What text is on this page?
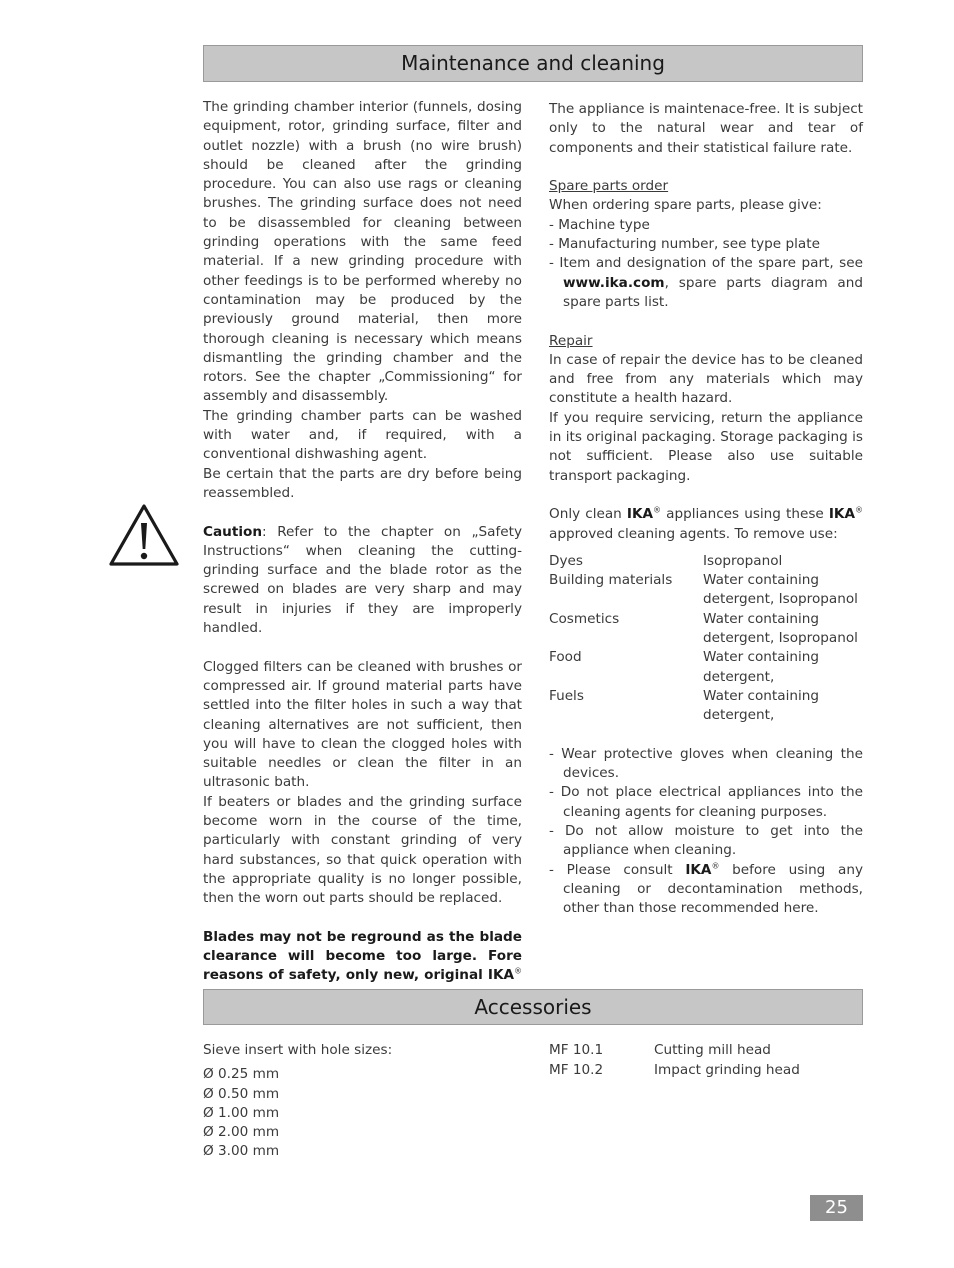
Maintenance and cleaning

The grinding chamber interior (funnels, dosing equipment, rotor, grinding surface, filter and outlet nozzle) with a brush (no wire brush) should be cleaned after the grinding procedure. You can also use rags or cleaning brushes. The grinding surface does not need to be disassembled for cleaning between grinding operations with the same feed material. If a new grinding procedure with other feedings is to be performed whereby no contamination may be produced by the previously ground material, then more thorough cleaning is necessary which means dismantling the grinding chamber and the rotors. See the chapter „Commissioning“ for assembly and disassembly.

The grinding chamber parts can be washed with water and, if required, with a conventional dishwashing agent.

Be certain that the parts are dry before being reassembled.

Caution: Refer to the chapter on „Safety Instructions“ when cleaning the cutting-grinding surface and the blade rotor as the screwed on blades are very sharp and may result in injuries if they are improperly handled.

Clogged filters can be cleaned with brushes or compressed air. If ground material parts have settled into the filter holes in such a way that cleaning alternatives are not sufficient, then you will have to clean the clogged holes with suitable needles or clean the filter in an ultrasonic bath.

If beaters or blades and the grinding surface become worn in the course of the time, particularly with constant grinding of very hard substances, so that quick operation with the appropriate quality is no longer possible, then the worn out parts should be replaced.

Blades may not be reground as the blade clearance will become too large. Fore reasons of safety, only new, original IKA®

The appliance is maintenace-free. It is subject only to the natural wear and tear of components and their statistical failure rate.

Spare parts order

When ordering spare parts, please give:

- Machine type

- Manufacturing number, see type plate

- Item and designation of the spare part, see www.ika.com, spare parts diagram and spare parts list.

Repair

In case of repair the device has to be cleaned and free from any materials which may constitute a health hazard.

If you require servicing, return the appliance in its original packaging. Storage packaging is not sufficient. Please also use suitable transport packaging.

Only clean IKA® appliances using these IKA® approved cleaning agents. To remove use:

Dyes	Isopropanol
Building materials	Water containing detergent, Isopropanol
Cosmetics	Water containing detergent, Isopropanol
Food	Water containing detergent,
Fuels	Water containing detergent,

- Wear protective gloves when cleaning the devices.

- Do not place electrical appliances into the cleaning agents for cleaning purposes.

- Do not allow moisture to get into the appliance when cleaning.

- Please consult IKA® before using any cleaning or decontamination methods, other than those recommended here.

Accessories

Sieve insert with hole sizes:

Ø 0.25 mm

Ø 0.50 mm

Ø 1.00 mm

Ø 2.00 mm

Ø 3.00 mm

MF 10.1	Cutting mill head
MF 10.2	Impact grinding head
25
